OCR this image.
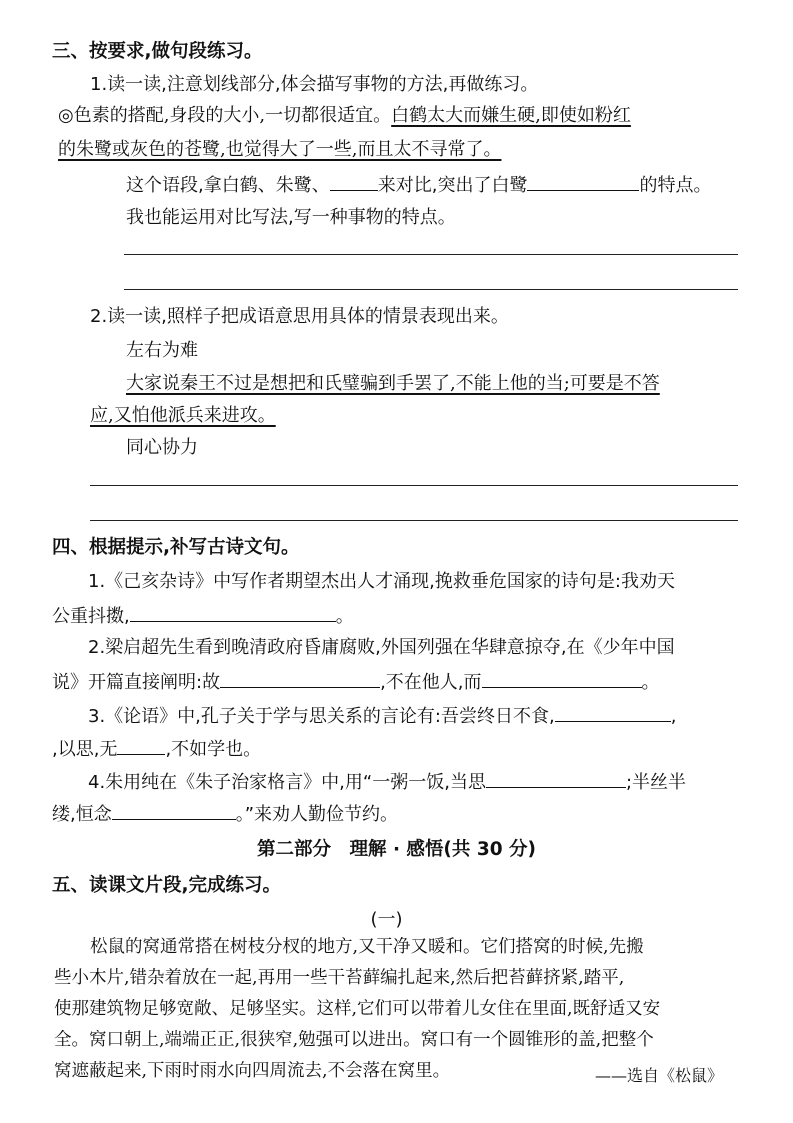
三、按要求,做句段练习。
1.读一读,注意划线部分,体会描写事物的方法,再做练习。
◎色素的搭配,身段的大小,一切都很适宜。白鹤太大而嫌生硬,即使如粉红
的朱鹭或灰色的苍鹭,也觉得大了一些,而且太不寻常了。
这个语段,拿白鹤、朱鹭、	来对比,突出了白鹭	的特点。
我也能运用对比写法,写一种事物的特点。
2.读一读,照样子把成语意思用具体的情景表现出来。
左右为难
大家说秦王不过是想把和氏璧骗到手罢了,不能上他的当;可要是不答
应,又怕他派兵来进攻。
同心协力
四、根据提示,补写古诗文句。
1.《己亥杂诗》中写作者期望杰出人才涌现,挽救垂危国家的诗句是:我劝天
公重抖擞,	。
2.梁启超先生看到晚清政府昏庸腐败,外国列强在华肆意掠夺,在《少年中国
说》开篇直接阐明:故	,不在他人,而	。
3.《论语》中,孔子关于学与思关系的言论有:吾尝终日不食,	,
,以思,无	,不如学也。
4.朱用纯在《朱子治家格言》中,用“一粥一饭,当思	;半丝半
缕,恒念	。”来劝人勤俭节约。
第二部分　理解 · 感悟(共 30 分)
五、读课文片段,完成练习。
(一)
松鼠的窝通常搭在树枝分杈的地方,又干净又暖和。它们搭窝的时候,先搬
些小木片,错杂着放在一起,再用一些干苔藓编扎起来,然后把苔藓挤紧,踏平,
使那建筑物足够宽敞、足够坚实。这样,它们可以带着儿女住在里面,既舒适又安
全。窝口朝上,端端正正,很狭窄,勉强可以进出。窝口有一个圆锥形的盖,把整个
窝遮蔽起来,下雨时雨水向四周流去,不会落在窝里。	——选自《松鼠》
